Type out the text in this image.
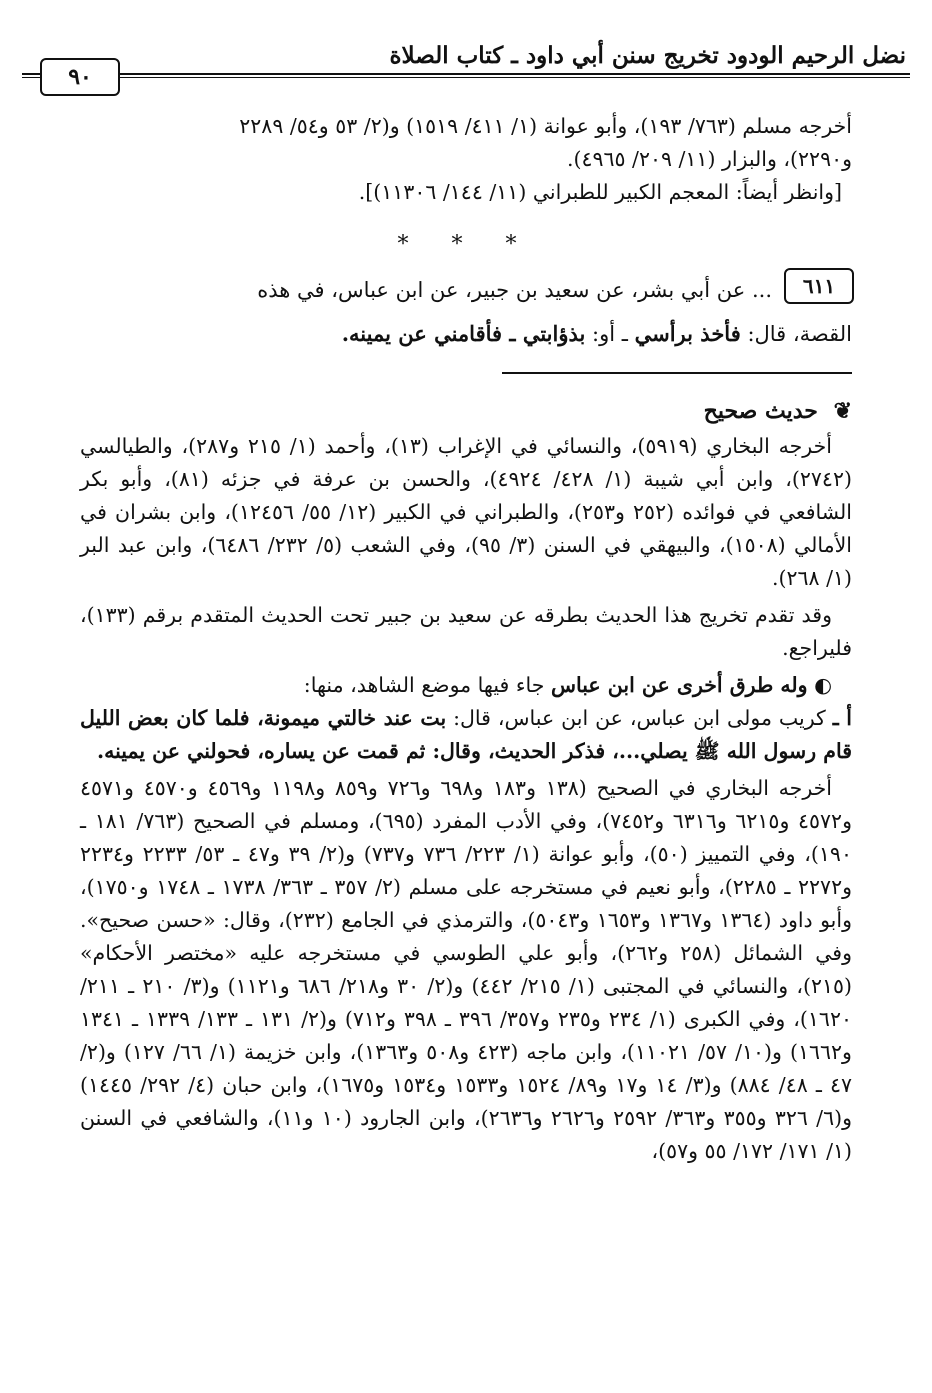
نضل الرحيم الودود تخريج سنن أبي داود ـ كتاب الصلاة
٩٠
أخرجه مسلم (٧٦٣/ ١٩٣)، وأبو عوانة (١/ ٤١١/ ١٥١٩) و(٢/ ٥٣ و٥٤/ ٢٢٨٩
و٢٢٩٠)، والبزار (١١/ ٢٠٩/ ٤٩٦٥).
[وانظر أيضاً: المعجم الكبير للطبراني (١١/ ١٤٤/ ١١٣٠٦)].
* * *
٦١١
... عن أبي بشر، عن سعيد بن جبير، عن ابن عباس، في هذه
القصة، قال: فأخذ برأسي ـ أو: بذؤابتي ـ فأقامني عن يمينه.
❦ حديث صحيح
أخرجه البخاري (٥٩١٩)، والنسائي في الإغراب (١٣)، وأحمد (١/ ٢١٥ و٢٨٧)، والطيالسي (٢٧٤٢)، وابن أبي شيبة (١/ ٤٢٨/ ٤٩٢٤)، والحسن بن عرفة في جزئه (٨١)، وأبو بكر الشافعي في فوائده (٢٥٢ و٢٥٣)، والطبراني في الكبير (١٢/ ٥٥/ ١٢٤٥٦)، وابن بشران في الأمالي (١٥٠٨)، والبيهقي في السنن (٣/ ٩٥)، وفي الشعب (٥/ ٢٣٢/ ٦٤٨٦)، وابن عبد البر (١/ ٢٦٨).
وقد تقدم تخريج هذا الحديث بطرقه عن سعيد بن جبير تحت الحديث المتقدم برقم (١٣٣)، فليراجع.
◐ وله طرق أخرى عن ابن عباس جاء فيها موضع الشاهد، منها:
أ ـ كريب مولى ابن عباس، عن ابن عباس، قال: بت عند خالتي ميمونة، فلما كان بعض الليل قام رسول الله ﷺ يصلي...، فذكر الحديث، وقال: ثم قمت عن يساره، فحولني عن يمينه.
أخرجه البخاري في الصحيح (١٣٨ و١٨٣ و٦٩٨ و٧٢٦ و٨٥٩ و١١٩٨ و٤٥٦٩ و٤٥٧٠ و٤٥٧١ و٤٥٧٢ و٦٢١٥ و٦٣١٦ و٧٤٥٢)، وفي الأدب المفرد (٦٩٥)، ومسلم في الصحيح (٧٦٣/ ١٨١ ـ ١٩٠)، وفي التمييز (٥٠)، وأبو عوانة (١/ ٢٢٣/ ٧٣٦ و٧٣٧) و(٢/ ٣٩ و٤٧ ـ ٥٣/ ٢٢٣٣ و٢٢٣٤ و٢٢٧٢ ـ ٢٢٨٥)، وأبو نعيم في مستخرجه على مسلم (٢/ ٣٥٧ ـ ٣٦٣/ ١٧٣٨ ـ ١٧٤٨ و١٧٥٠)، وأبو داود (١٣٦٤ و١٣٦٧ و١٦٥٣ و٥٠٤٣)، والترمذي في الجامع (٢٣٢)، وقال: «حسن صحيح». وفي الشمائل (٢٥٨ و٢٦٢)، وأبو علي الطوسي في مستخرجه عليه «مختصر الأحكام» (٢١٥)، والنسائي في المجتبى (١/ ٢١٥/ ٤٤٢) و(٢/ ٣٠ و٢١٨/ ٦٨٦ و١١٢١) و(٣/ ٢١٠ ـ ٢١١/ ١٦٢٠)، وفي الكبرى (١/ ٢٣٤ و٢٣٥ و٣٥٧/ ٣٩٦ ـ ٣٩٨ و٧١٢) و(٢/ ١٣١ ـ ١٣٣/ ١٣٣٩ ـ ١٣٤١ و١٦٦٢) و(١٠/ ٥٧/ ١١٠٢١)، وابن ماجه (٤٢٣ و٥٠٨ و١٣٦٣)، وابن خزيمة (١/ ٦٦/ ١٢٧) و(٢/ ٤٧ ـ ٤٨/ ٨٨٤) و(٣/ ١٤ و١٧ و٨٩/ ١٥٢٤ و١٥٣٣ و١٥٣٤ و١٦٧٥)، وابن حبان (٤/ ٢٩٢/ ١٤٤٥) و(٦/ ٣٢٦ و٣٥٥ و٣٦٣/ ٢٥٩٢ و٢٦٢٦ و٢٦٣٦)، وابن الجارود (١٠ و١١)، والشافعي في السنن (١/ ١٧١/ ١٧٢/ ٥٥ و٥٧)،
